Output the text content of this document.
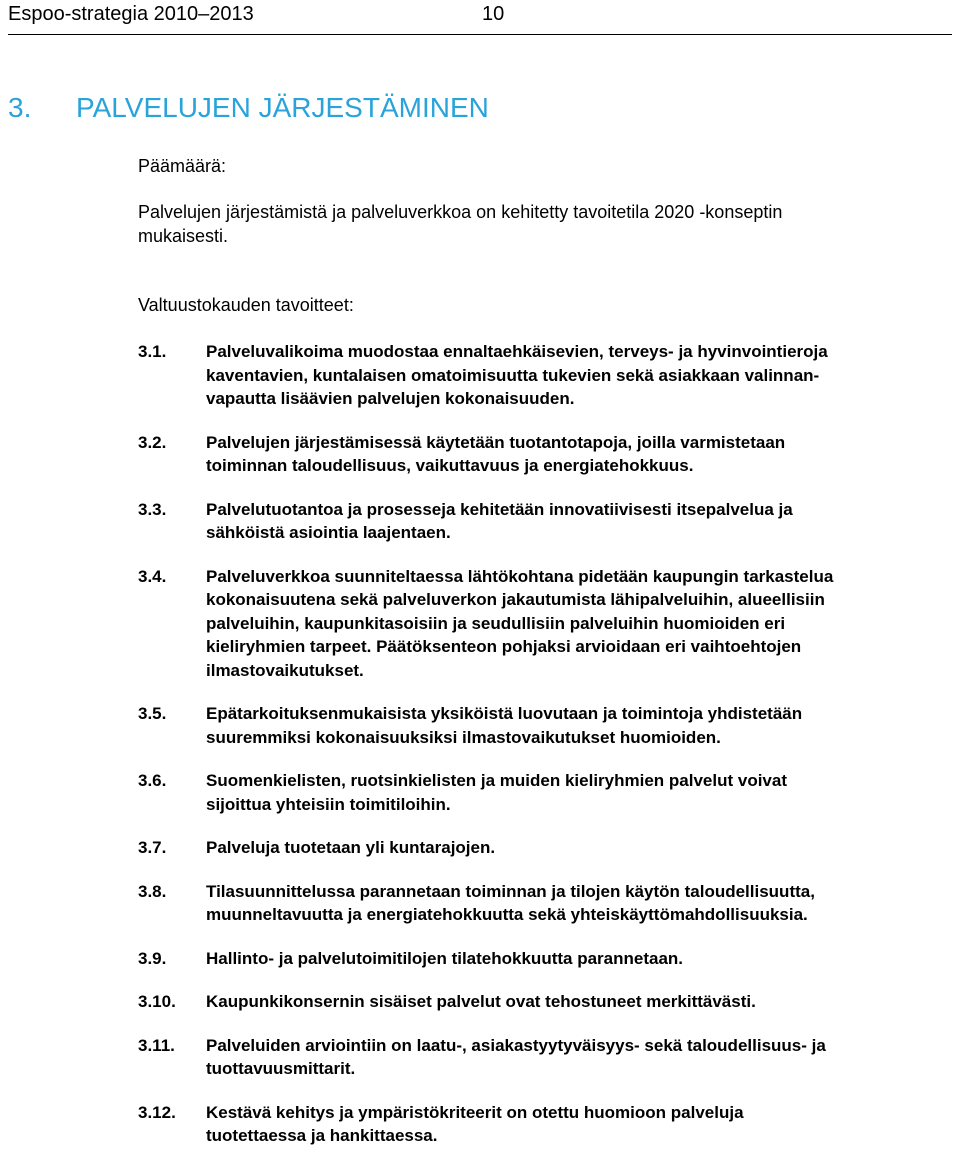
Espoo-strategia 2010–2013	10
3. PALVELUJEN JÄRJESTÄMINEN
Päämäärä:
Palvelujen järjestämistä ja palveluverkkoa on kehitetty tavoitetila 2020 -konseptin mukaisesti.
Valtuustokauden tavoitteet:
3.1.	Palveluvalikoima muodostaa ennaltaehkäisevien, terveys- ja hyvinvointieroja
kaventavien, kuntalaisen omatoimisuutta tukevien sekä asiakkaan valinnan-
vapautta lisäävien palvelujen kokonaisuuden.
3.2.	Palvelujen järjestämisessä käytetään tuotantotapoja, joilla varmistetaan
toiminnan taloudellisuus, vaikuttavuus ja energiatehokkuus.
3.3.	Palvelutuotantoa ja prosesseja kehitetään innovatiivisesti itsepalvelua ja
sähköistä asiointia laajentaen.
3.4.	Palveluverkkoa suunniteltaessa lähtökohtana pidetään kaupungin tarkastelua
kokonaisuutena sekä palveluverkon jakautumista lähipalveluihin, alueellisiin
palveluihin, kaupunkitasoisiin ja seudullisiin palveluihin huomioiden eri
kieliryhmien tarpeet. Päätöksenteon pohjaksi arvioidaan eri vaihtoehtojen
ilmastovaikutukset.
3.5.	Epätarkoituksenmukaisista yksiköistä luovutaan ja toimintoja yhdistetään
suuremmiksi kokonaisuuksiksi ilmastovaikutukset huomioiden.
3.6.	Suomenkielisten, ruotsinkielisten ja muiden kieliryhmien palvelut voivat
sijoittua yhteisiin toimitiloihin.
3.7.	Palveluja tuotetaan yli kuntarajojen.
3.8.	Tilasuunnittelussa parannetaan toiminnan ja tilojen käytön taloudellisuutta,
muunneltavuutta ja energiatehokkuutta sekä yhteiskäyttömahdollisuuksia.
3.9.	Hallinto- ja palvelutoimitilojen tilatehokkuutta parannetaan.
3.10.	Kaupunkikonsernin sisäiset palvelut ovat tehostuneet merkittävästi.
3.11.	Palveluiden arviointiin on laatu-, asiakastyytyväisyys- sekä taloudellisuus- ja
tuottavuusmittarit.
3.12.	Kestävä kehitys ja ympäristökriteerit on otettu huomioon palveluja
tuotettaessa ja hankittaessa.
